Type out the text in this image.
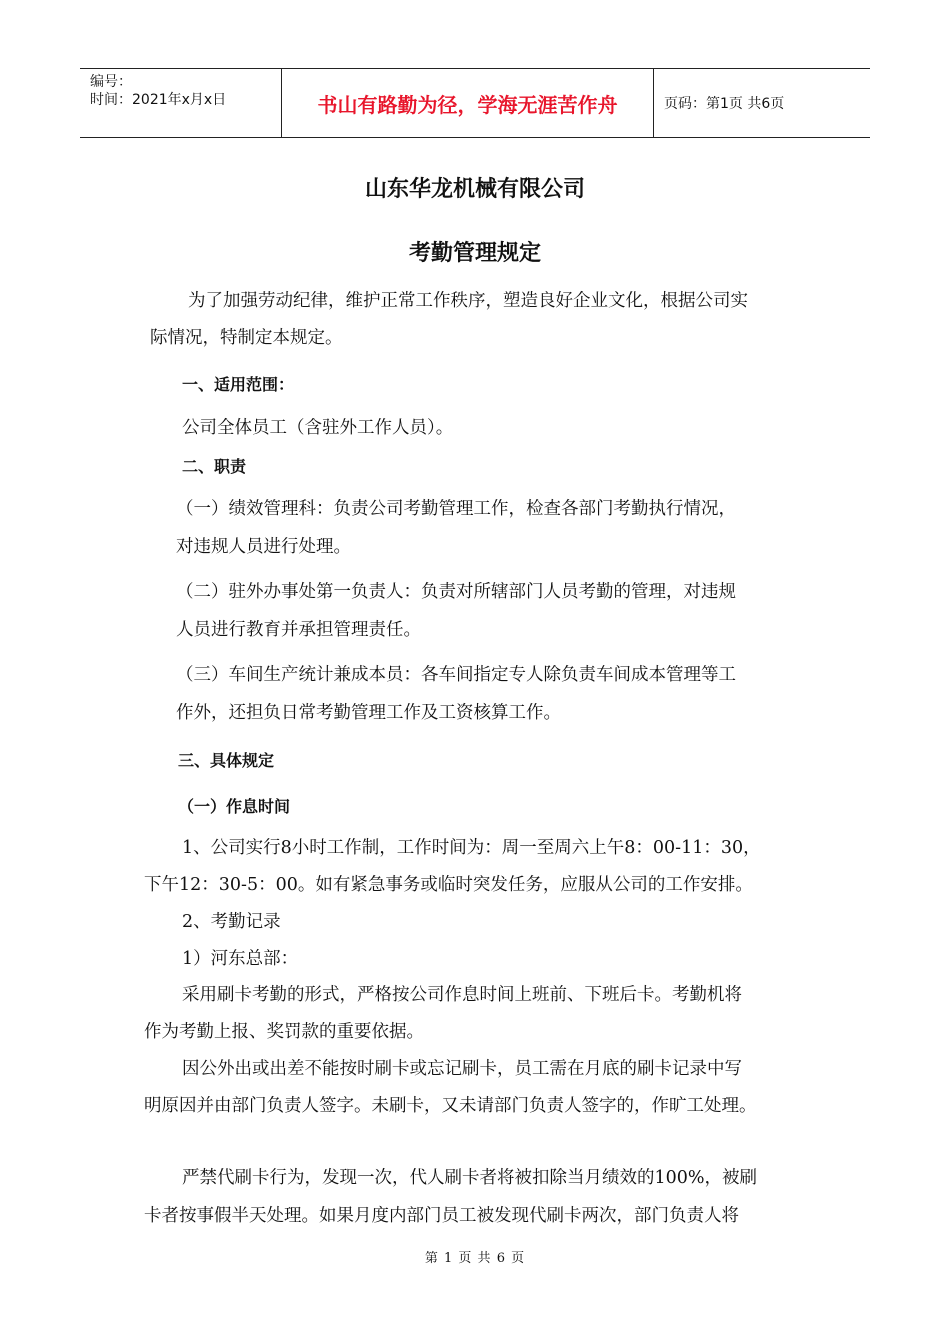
编号：
时间：2021年x月x日	书山有路勤为径，学海无涯苦作舟	页码：第1页 共6页
山东华龙机械有限公司
考勤管理规定
为了加强劳动纪律，维护正常工作秩序，塑造良好企业文化，根据公司实
际情况，特制定本规定。
一、适用范围：
公司全体员工（含驻外工作人员）。
二、职责
（一）绩效管理科：负责公司考勤管理工作，检查各部门考勤执行情况，
对违规人员进行处理。
（二）驻外办事处第一负责人：负责对所辖部门人员考勤的管理，对违规
人员进行教育并承担管理责任。
（三）车间生产统计兼成本员：各车间指定专人除负责车间成本管理等工
作外，还担负日常考勤管理工作及工资核算工作。
三、具体规定
（一）作息时间
1、公司实行8小时工作制，工作时间为：周一至周六上午8：00-11：30，
下午12：30-5：00。如有紧急事务或临时突发任务，应服从公司的工作安排。
2、考勤记录
1）河东总部：
采用刷卡考勤的形式，严格按公司作息时间上班前、下班后卡。考勤机将
作为考勤上报、奖罚款的重要依据。
因公外出或出差不能按时刷卡或忘记刷卡，员工需在月底的刷卡记录中写
明原因并由部门负责人签字。未刷卡，又未请部门负责人签字的，作旷工处理。
严禁代刷卡行为，发现一次，代人刷卡者将被扣除当月绩效的100%，被刷
卡者按事假半天处理。如果月度内部门员工被发现代刷卡两次，部门负责人将
第 1 页 共 6 页
